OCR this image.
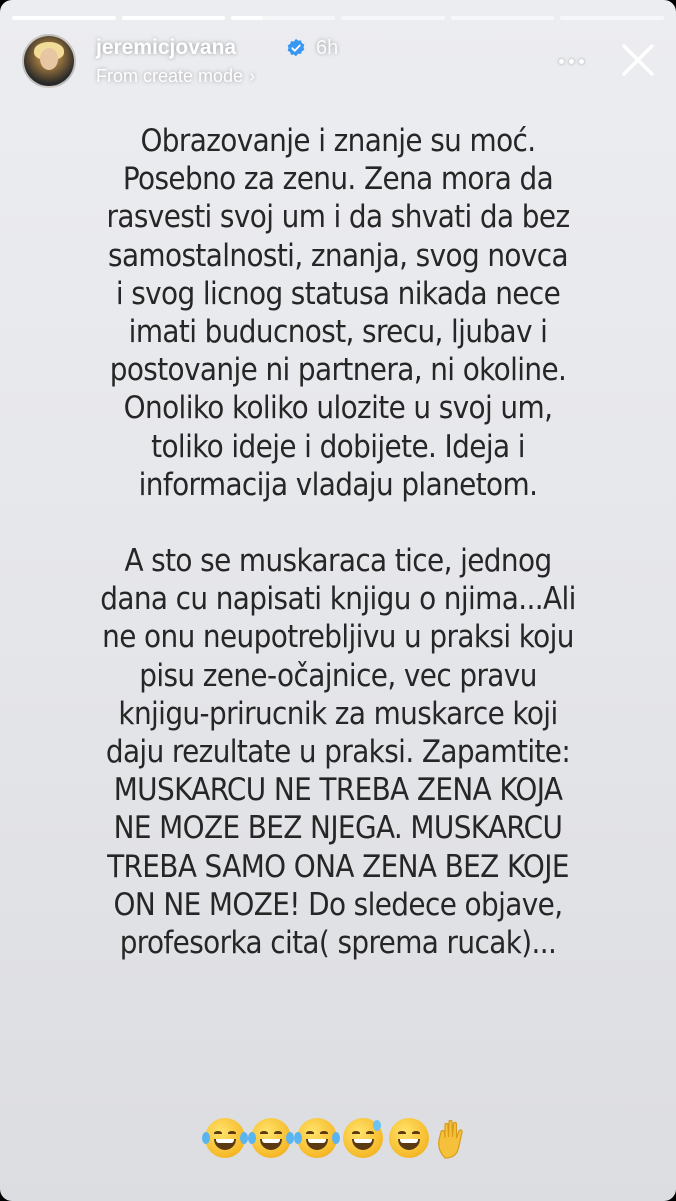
jeremicjovana	6h
From create mode ›

Obrazovanje i znanje su moć.

Posebno za zenu. Zena mora da

rasvesti svoj um i da shvati da bez

samostalnosti, znanja, svog novca

i svog licnog statusa nikada nece

imati buducnost, srecu, ljubav i

postovanje ni partnera, ni okoline.

Onoliko koliko ulozite u svoj um,

toliko ideje i dobijete. Ideja i

informacija vladaju planetom.

A sto se muskaraca tice, jednog

dana cu napisati knjigu o njima...Ali

ne onu neupotrebljivu u praksi koju

pisu zene-očajnice, vec pravu

knjigu-prirucnik za muskarce koji

daju rezultate u praksi. Zapamtite:

MUSKARCU NE TREBA ZENA KOJA

NE MOZE BEZ NJEGA. MUSKARCU

TREBA SAMO ONA ZENA BEZ KOJE

ON NE MOZE! Do sledece objave,

profesorka cita( sprema rucak)...
